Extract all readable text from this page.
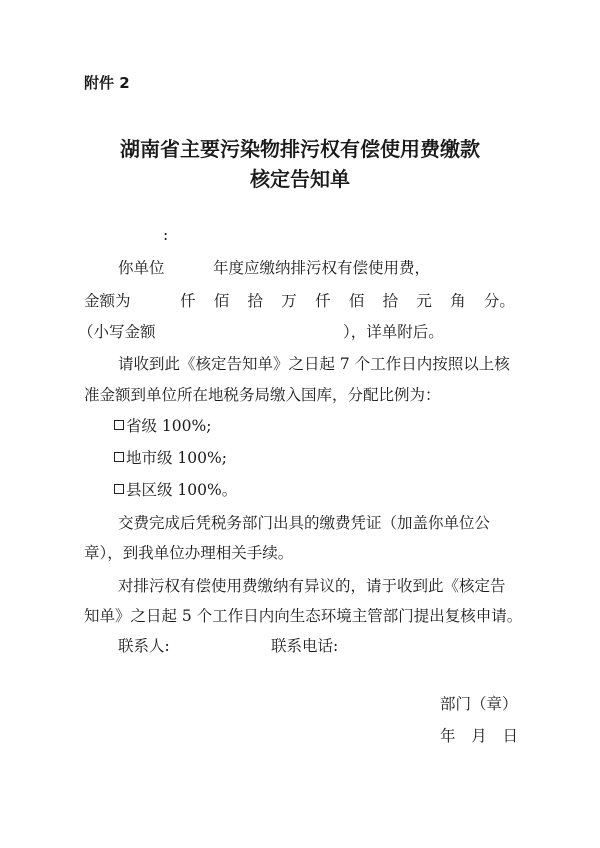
附件 2
湖南省主要污染物排污权有偿使用费缴款
核定告知单
:
你单位	年度应缴纳排污权有偿使用费，
金额为	仟 佰 拾 万 仟 佰 拾 元 角 分。
（小写金额	），详单附后。
请收到此《核定告知单》之日起 7 个工作日内按照以上核
准金额到单位所在地税务局缴入国库，分配比例为：
省级 100%;
地市级 100%;
县区级 100%。
交费完成后凭税务部门出具的缴费凭证（加盖你单位公
章），到我单位办理相关手续。
对排污权有偿使用费缴纳有异议的，请于收到此《核定告
知单》之日起 5 个工作日内向生态环境主管部门提出复核申请。
联系人:	联系电话:
部门（章）
年 月 日
